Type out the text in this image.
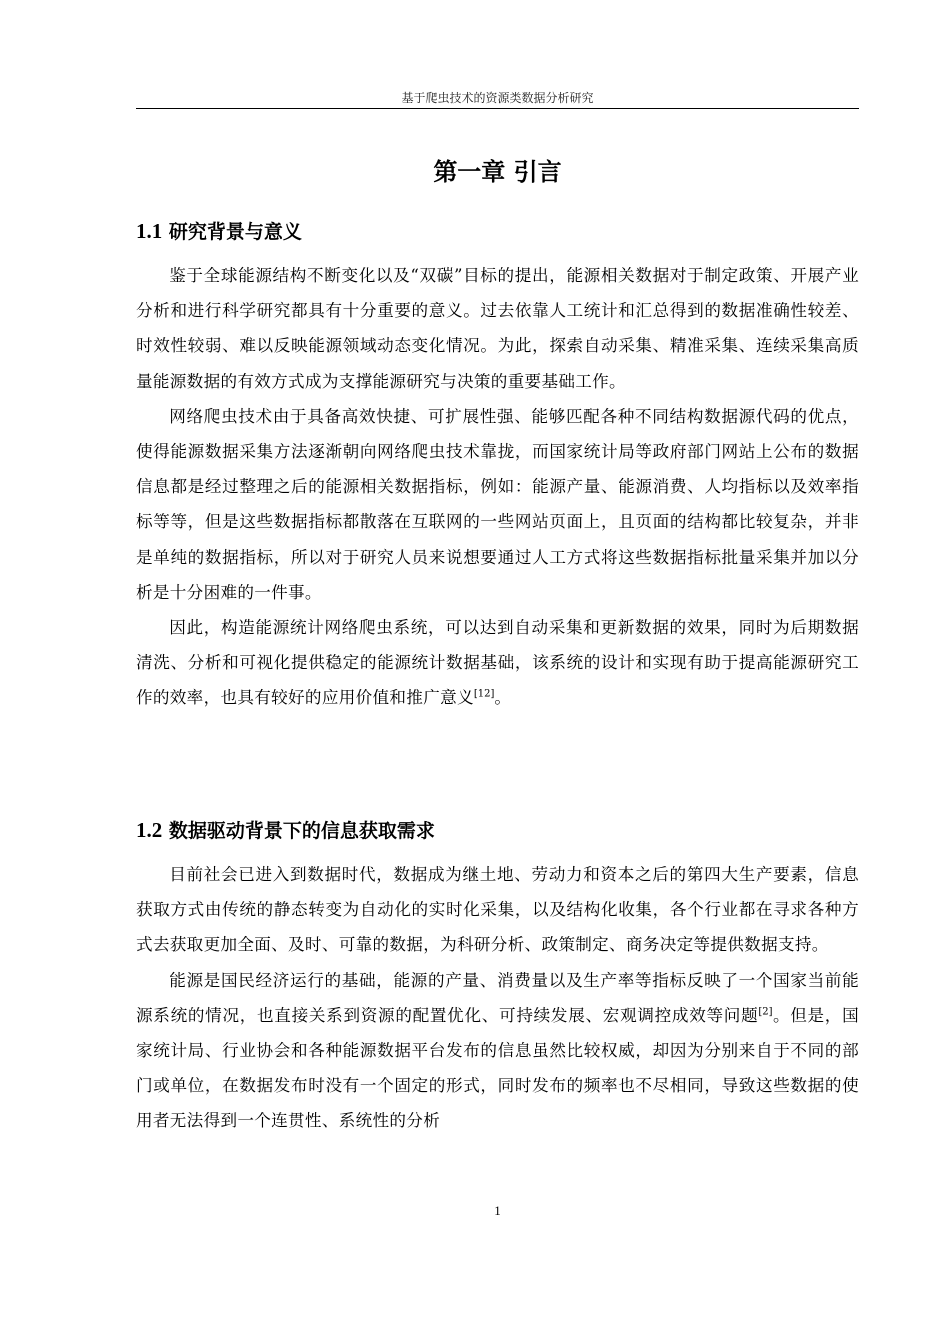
基于爬虫技术的资源类数据分析研究
第一章 引言
1.1 研究背景与意义

鉴于全球能源结构不断变化以及“双碳”目标的提出，能源相关数据对于制定政策、开展产业分析和进行科学研究都具有十分重要的意义。过去依靠人工统计和汇总得到的数据准确性较差、时效性较弱、难以反映能源领域动态变化情况。为此，探索自动采集、精准采集、连续采集高质量能源数据的有效方式成为支撑能源研究与决策的重要基础工作。

网络爬虫技术由于具备高效快捷、可扩展性强、能够匹配各种不同结构数据源代码的优点，使得能源数据采集方法逐渐朝向网络爬虫技术靠拢，而国家统计局等政府部门网站上公布的数据信息都是经过整理之后的能源相关数据指标，例如：能源产量、能源消费、人均指标以及效率指标等等，但是这些数据指标都散落在互联网的一些网站页面上，且页面的结构都比较复杂，并非是单纯的数据指标，所以对于研究人员来说想要通过人工方式将这些数据指标批量采集并加以分析是十分困难的一件事。

因此，构造能源统计网络爬虫系统，可以达到自动采集和更新数据的效果，同时为后期数据清洗、分析和可视化提供稳定的能源统计数据基础，该系统的设计和实现有助于提高能源研究工作的效率，也具有较好的应用价值和推广意义[12]。

1.2 数据驱动背景下的信息获取需求

目前社会已进入到数据时代，数据成为继土地、劳动力和资本之后的第四大生产要素，信息获取方式由传统的静态转变为自动化的实时化采集，以及结构化收集，各个行业都在寻求各种方式去获取更加全面、及时、可靠的数据，为科研分析、政策制定、商务决定等提供数据支持。

能源是国民经济运行的基础，能源的产量、消费量以及生产率等指标反映了一个国家当前能源系统的情况，也直接关系到资源的配置优化、可持续发展、宏观调控成效等问题[2]。但是，国家统计局、行业协会和各种能源数据平台发布的信息虽然比较权威，却因为分别来自于不同的部门或单位，在数据发布时没有一个固定的形式，同时发布的频率也不尽相同，导致这些数据的使用者无法得到一个连贯性、系统性的分析

1
